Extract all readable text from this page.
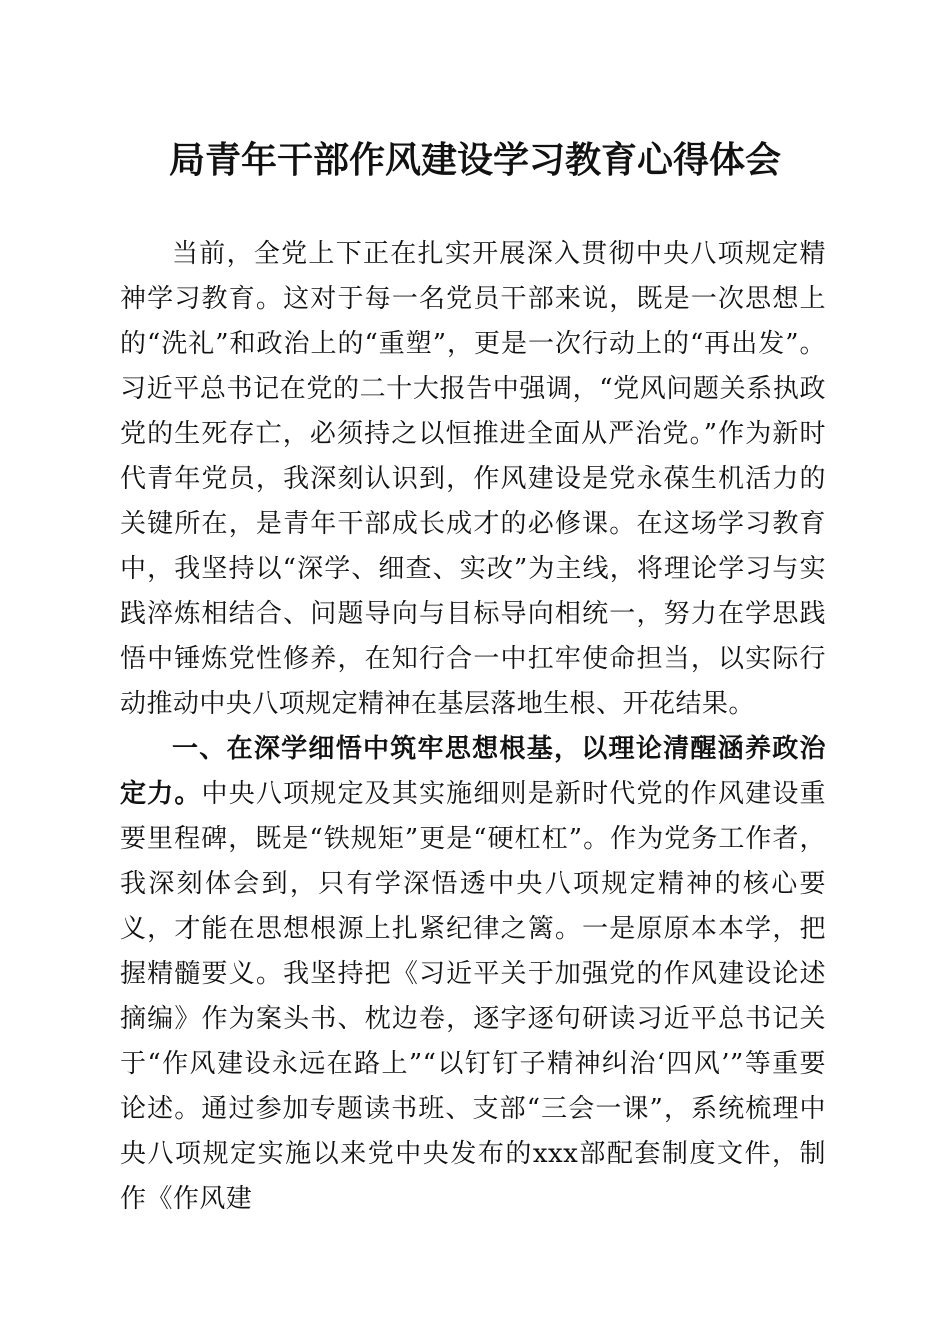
局青年干部作风建设学习教育心得体会

当前，全党上下正在扎实开展深入贯彻中央八项规定精神学习教育。这对于每一名党员干部来说，既是一次思想上的“洗礼”和政治上的“重塑”，更是一次行动上的“再出发”。习近平总书记在党的二十大报告中强调，“党风问题关系执政党的生死存亡，必须持之以恒推进全面从严治党。”作为新时代青年党员，我深刻认识到，作风建设是党永葆生机活力的关键所在，是青年干部成长成才的必修课。在这场学习教育中，我坚持以“深学、细查、实改”为主线，将理论学习与实践淬炼相结合、问题导向与目标导向相统一，努力在学思践悟中锤炼党性修养，在知行合一中扛牢使命担当，以实际行动推动中央八项规定精神在基层落地生根、开花结果。

一、在深学细悟中筑牢思想根基，以理论清醒涵养政治定力。中央八项规定及其实施细则是新时代党的作风建设重要里程碑，既是“铁规矩”更是“硬杠杠”。作为党务工作者，我深刻体会到，只有学深悟透中央八项规定精神的核心要义，才能在思想根源上扎紧纪律之篱。一是原原本本学，把握精髓要义。我坚持把《习近平关于加强党的作风建设论述摘编》作为案头书、枕边卷，逐字逐句研读习近平总书记关于“作风建设永远在路上”“以钉钉子精神纠治‘四风’”等重要论述。通过参加专题读书班、支部“三会一课”，系统梳理中央八项规定实施以来党中央发布的xxx部配套制度文件，制作《作风建
